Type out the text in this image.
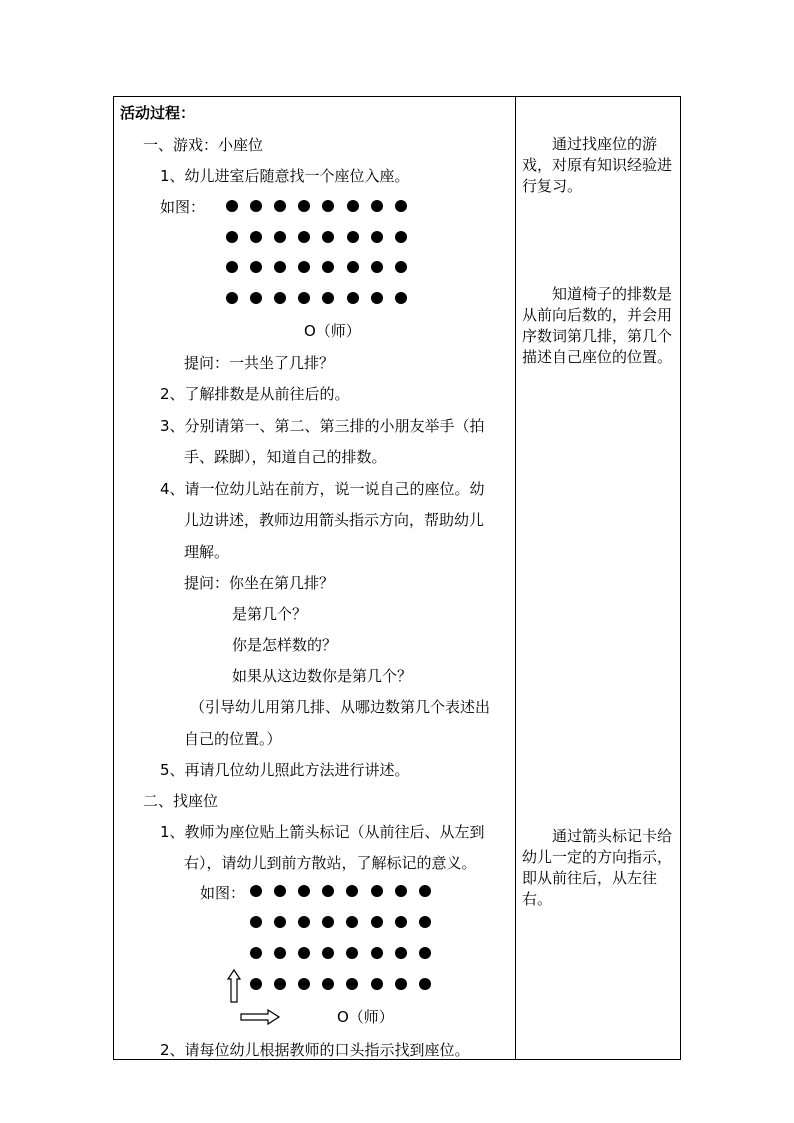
活动过程：
一、游戏：小座位
1、幼儿进室后随意找一个座位入座。
如图：
O（师）
提问：一共坐了几排？
2、了解排数是从前往后的。
3、分别请第一、第二、第三排的小朋友举手（拍
手、跺脚），知道自己的排数。
4、请一位幼儿站在前方，说一说自己的座位。幼
儿边讲述，教师边用箭头指示方向，帮助幼儿
理解。
提问：你坐在第几排？
是第几个？
你是怎样数的？
如果从这边数你是第几个？
（引导幼儿用第几排、从哪边数第几个表述出
自己的位置。）
5、再请几位幼儿照此方法进行讲述。
二、找座位
1、教师为座位贴上箭头标记（从前往后、从左到
右），请幼儿到前方散站，了解标记的意义。
如图：
O（师）
2、请每位幼儿根据教师的口头指示找到座位。
通过找座位的游戏，对原有知识经验进行复习。
知道椅子的排数是从前向后数的，并会用序数词第几排，第几个描述自己座位的位置。
通过箭头标记卡给幼儿一定的方向指示，即从前往后，从左往右。
